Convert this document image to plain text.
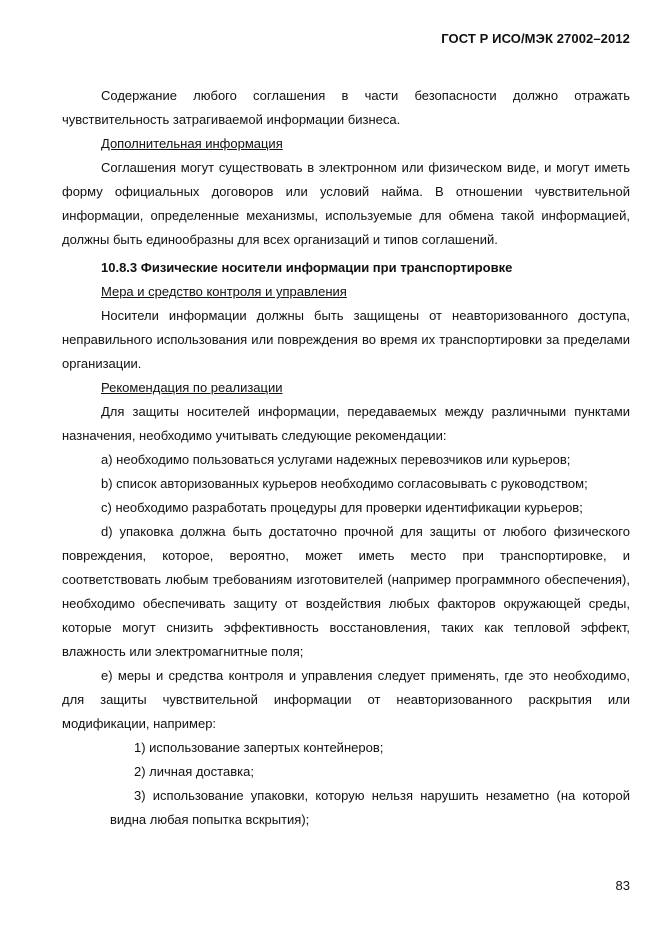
ГОСТ Р ИСО/МЭК 27002–2012

Содержание любого соглашения в части безопасности должно отражать чувствительность затрагиваемой информации бизнеса.

Дополнительная информация

Соглашения могут существовать в электронном или физическом виде, и могут иметь форму официальных договоров или условий найма. В отношении чувствительной информации, определенные механизмы, используемые для обмена такой информацией, должны быть единообразны для всех организаций и типов соглашений.

10.8.3 Физические носители информации при транспортировке

Мера и средство контроля и управления

Носители информации должны быть защищены от неавторизованного доступа, неправильного использования или повреждения во время их транспортировки за пределами организации.

Рекомендация по реализации

Для защиты носителей информации, передаваемых между различными пунктами назначения, необходимо учитывать следующие рекомендации:

a) необходимо пользоваться услугами надежных перевозчиков или курьеров;

b) список авторизованных курьеров необходимо согласовывать с руководством;

c) необходимо разработать процедуры для проверки идентификации курьеров;

d) упаковка должна быть достаточно прочной для защиты от любого физического повреждения, которое, вероятно, может иметь место при транспортировке, и соответствовать любым требованиям изготовителей (например программного обеспечения), необходимо обеспечивать защиту от воздействия любых факторов окружающей среды, которые могут снизить эффективность восстановления, таких как тепловой эффект, влажность или электромагнитные поля;

e) меры и средства контроля и управления следует применять, где это необходимо, для защиты чувствительной информации от неавторизованного раскрытия или модификации, например:

1) использование запертых контейнеров;

2) личная доставка;

3) использование упаковки, которую нельзя нарушить незаметно (на которой видна любая попытка вскрытия);

83
